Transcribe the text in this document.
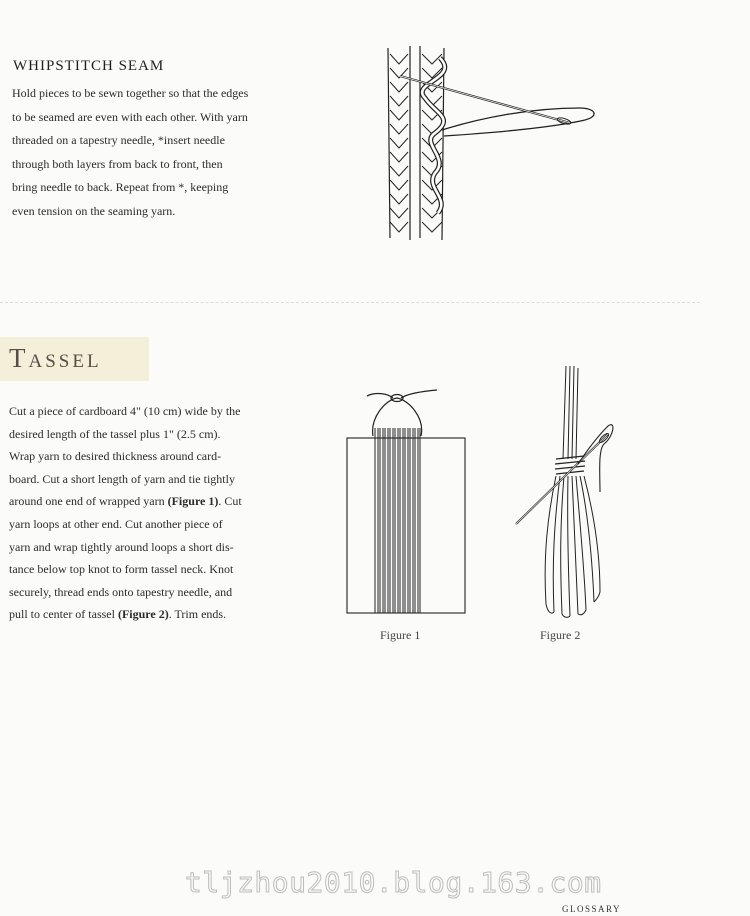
WHIPSTITCH SEAM
Hold pieces to be sewn together so that the edges
to be seamed are even with each other. With yarn
threaded on a tapestry needle, *insert needle
through both layers from back to front, then
bring needle to back. Repeat from *, keeping
even tension on the seaming yarn.
Tassel
Cut a piece of cardboard 4" (10 cm) wide by the
desired length of the tassel plus 1" (2.5 cm).
Wrap yarn to desired thickness around card-
board. Cut a short length of yarn and tie tightly
around one end of wrapped yarn (Figure 1). Cut
yarn loops at other end. Cut another piece of
yarn and wrap tightly around loops a short dis-
tance below top knot to form tassel neck. Knot
securely, thread ends onto tapestry needle, and
pull to center of tassel (Figure 2). Trim ends.

Figure 1	Figure 2

tljzhou2010.blog.163.com
GLOSSARY
